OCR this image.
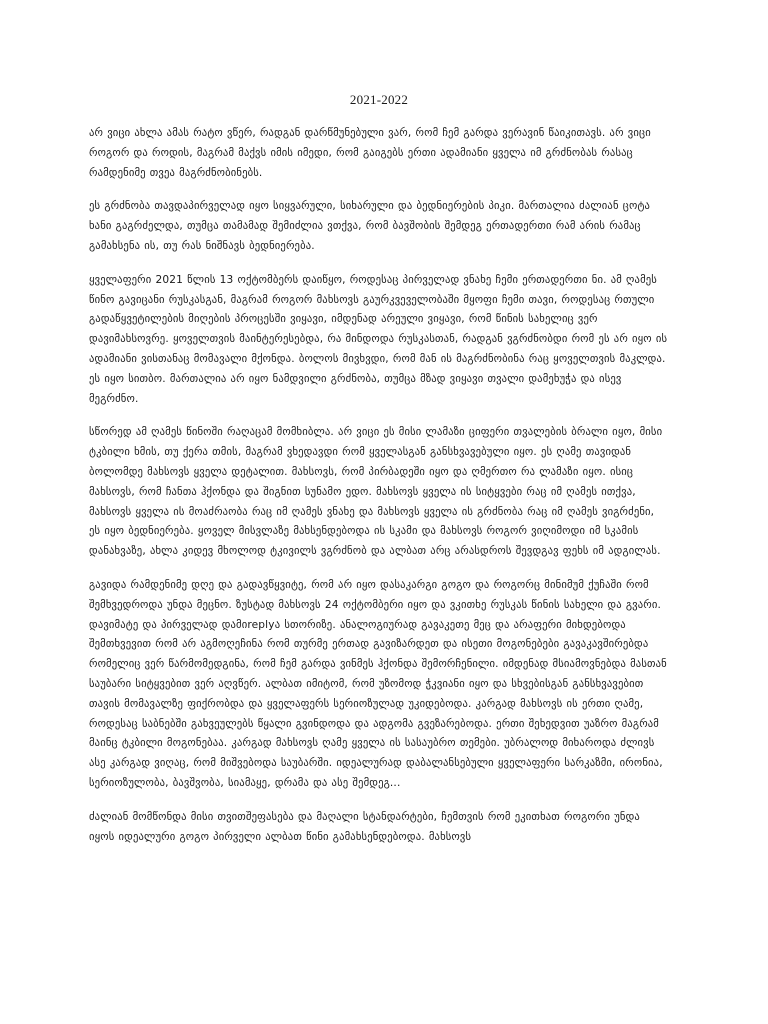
2021-2022

არ ვიცი ახლა ამას რატო ვწერ, რადგან დარწმუნებული ვარ, რომ ჩემ გარდა ვერავინ წაიკითავს. არ ვიცი როგორ და როდის, მაგრამ მაქვს იმის იმედი, რომ გაიგებს ერთი ადამიანი ყველა იმ გრძნობას რასაც რამდენიმე თვეა მაგრძნობინებს.

ეს გრძნობა თავდაპირველად იყო სიყვარული, სიხარული და ბედნიერების პიკი. მართალია ძალიან ცოტა ხანი გაგრძელდა, თუმცა თამამად შემიძლია ვთქვა, რომ ბავშობის შემდეგ ერთადერთი რამ არის რამაც გამახსენა ის, თუ რას ნიშნავს ბედნიერება.

ყველაფერი 2021 წლის 13 ოქტომბერს დაიწყო, როდესაც პირველად ვნახე ჩემი ერთადერთი ნი. ამ ღამეს წინო გავიცანი რუსკასგან, მაგრამ როგორ მახსოვს გაურკვეველობაში მყოფი ჩემი თავი, როდესაც რთული გადაწყვეტილების მიღების პროცესში ვიყავი, იმდენად არეული ვიყავი, რომ წინის სახელიც ვერ დავიმახსოვრე. ყოველთვის მაინტერესებდა, რა მინდოდა რუსკასთან, რადგან ვგრძნობდი რომ ეს არ იყო ის ადამიანი ვისთანაც მომავალი მქონდა. ბოლოს მივხვდი, რომ მან ის მაგრძნობინა რაც ყოველთვის მაკლდა. ეს იყო სითბო. მართალია არ იყო ნამდვილი გრძნობა, თუმცა მზად ვიყავი თვალი დამეხუჭა და ისევ მეგრძნო.

სწორედ ამ ღამეს წინოში რაღაცამ მომხიბლა. არ ვიცი ეს მისი ლამაზი ციფერი თვალების ბრალი იყო, მისი ტკბილი ხმის, თუ ქერა თმის, მაგრამ ვხედავდი რომ ყველასგან განსხვავებული იყო. ეს ღამე თავიდან ბოლომდე მახსოვს ყველა დეტალით. მახსოვს, რომ პირბადეში იყო და ღმერთო რა ლამაზი იყო. ისიც მახსოვს, რომ ჩანთა ჰქონდა და შიგნით სუნამო ედო. მახსოვს ყველა ის სიტყვები რაც იმ ღამეს ითქვა, მახსოვს ყველა ის მოაძრაობა რაც იმ ღამეს ვნახე და მახსოვს ყველა ის გრძნობა რაც იმ ღამეს ვიგრძენი, ეს იყო ბედნიერება. ყოველ მისვლაზე მახსენდებოდა ის სკამი და მახსოვს როგორ ვიღიმოდი იმ სკამის დანახვაზე, ახლა კიდევ მხოლოდ ტკივილს ვგრძნობ და ალბათ არც არასდროს შევდგავ ფეხს იმ ადგილას.

გავიდა რამდენიმე დღე და გადავწყვიტე, რომ არ იყო დასაკარგი გოგო და როგორც მინიმუმ ქუჩაში რომ შემხვედროდა უნდა მეცნო. ზუსტად მახსოვს 24 ოქტომბერი იყო და ვკითხე რუსკას წინის სახელი და გვარი. დავიმატე და პირველად დამიreplyა სთორიზე. ანალოგიურად გავაკეთე მეც და არაფერი მიხდებოდა შემთხვევით რომ არ აგმოღეჩინა რომ თურმე ერთად გავიზარდეთ და ისეთი მოგონებები გავაკავშირებდა რომელიც ვერ წარმომედგინა, რომ ჩემ გარდა ვინმეს ჰქონდა შემორჩენილი. იმდენად მსიამოვნებდა მასთან საუბარი სიტყვებით ვერ აღვწერ. ალბათ იმიტომ, რომ უზომოდ ჭკვიანი იყო და სხვებისგან განსხვავებით თავის მომავალზე ფიქრობდა და ყველაფერს სერიოზულად უკიდებოდა. კარგად მახსოვს ის ერთი ღამე, როდესაც საბნებში გახვეულებს წყალი გვინდოდა და ადგომა გვეზარებოდა. ერთი შეხედვით უაზრო მაგრამ მაინც ტკბილი მოგონებაა. კარგად მახსოვს ღამე ყველა ის სასაუბრო თემები. უბრალოდ მიხაროდა ძლივს ასე კარგად ვიღაც, რომ მიშვებოდა საუბარში. იდეალურად დაბალანსებული ყველაფერი სარკაზმი, ირონია, სერიოზულობა, ბავშვობა, სიამაყე, დრამა და ასე შემდეგ...

ძალიან მომწონდა მისი თვითშეფასება და მაღალი სტანდარტები, ჩემთვის რომ ეკითხათ როგორი უნდა იყოს იდეალური გოგო პირველი ალბათ წინი გამახსენდებოდა. მახსოვს
